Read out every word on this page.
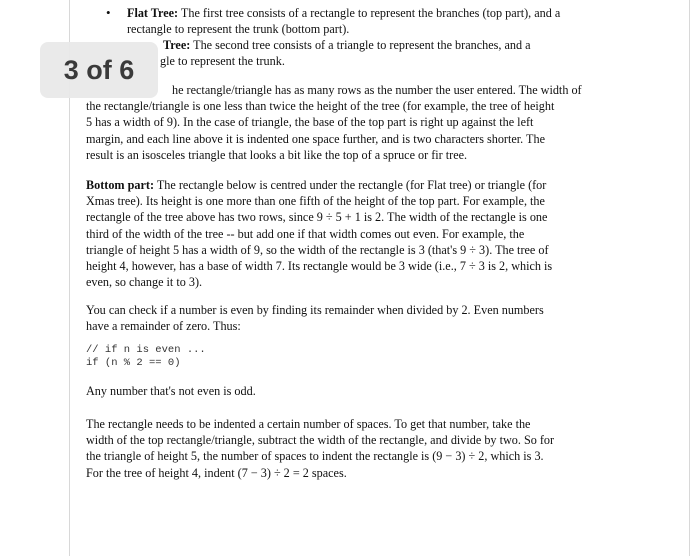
• Flat Tree: The first tree consists of a rectangle to represent the branches (top part), and a
rectangle to represent the trunk (bottom part).
Tree: The second tree consists of a triangle to represent the branches, and a
gle to represent the trunk.
he rectangle/triangle has as many rows as the number the user entered. The width of
the rectangle/triangle is one less than twice the height of the tree (for example, the tree of height
5 has a width of 9). In the case of triangle, the base of the top part is right up against the left
margin, and each line above it is indented one space further, and is two characters shorter. The
result is an isosceles triangle that looks a bit like the top of a spruce or fir tree.
Bottom part: The rectangle below is centred under the rectangle (for Flat tree) or triangle (for
Xmas tree). Its height is one more than one fifth of the height of the top part. For example, the
rectangle of the tree above has two rows, since 9 ÷ 5 + 1 is 2. The width of the rectangle is one
third of the width of the tree -- but add one if that width comes out even. For example, the
triangle of height 5 has a width of 9, so the width of the rectangle is 3 (that's 9 ÷ 3). The tree of
height 4, however, has a base of width 7. Its rectangle would be 3 wide (i.e., 7 ÷ 3 is 2, which is
even, so change it to 3).
You can check if a number is even by finding its remainder when divided by 2. Even numbers
have a remainder of zero. Thus:
// if n is even ...
if (n % 2 == 0)
Any number that's not even is odd.
The rectangle needs to be indented a certain number of spaces. To get that number, take the
width of the top rectangle/triangle, subtract the width of the rectangle, and divide by two. So for
the triangle of height 5, the number of spaces to indent the rectangle is (9 − 3) ÷ 2, which is 3.
For the tree of height 4, indent (7 − 3) ÷ 2 = 2 spaces.
3 of 6
